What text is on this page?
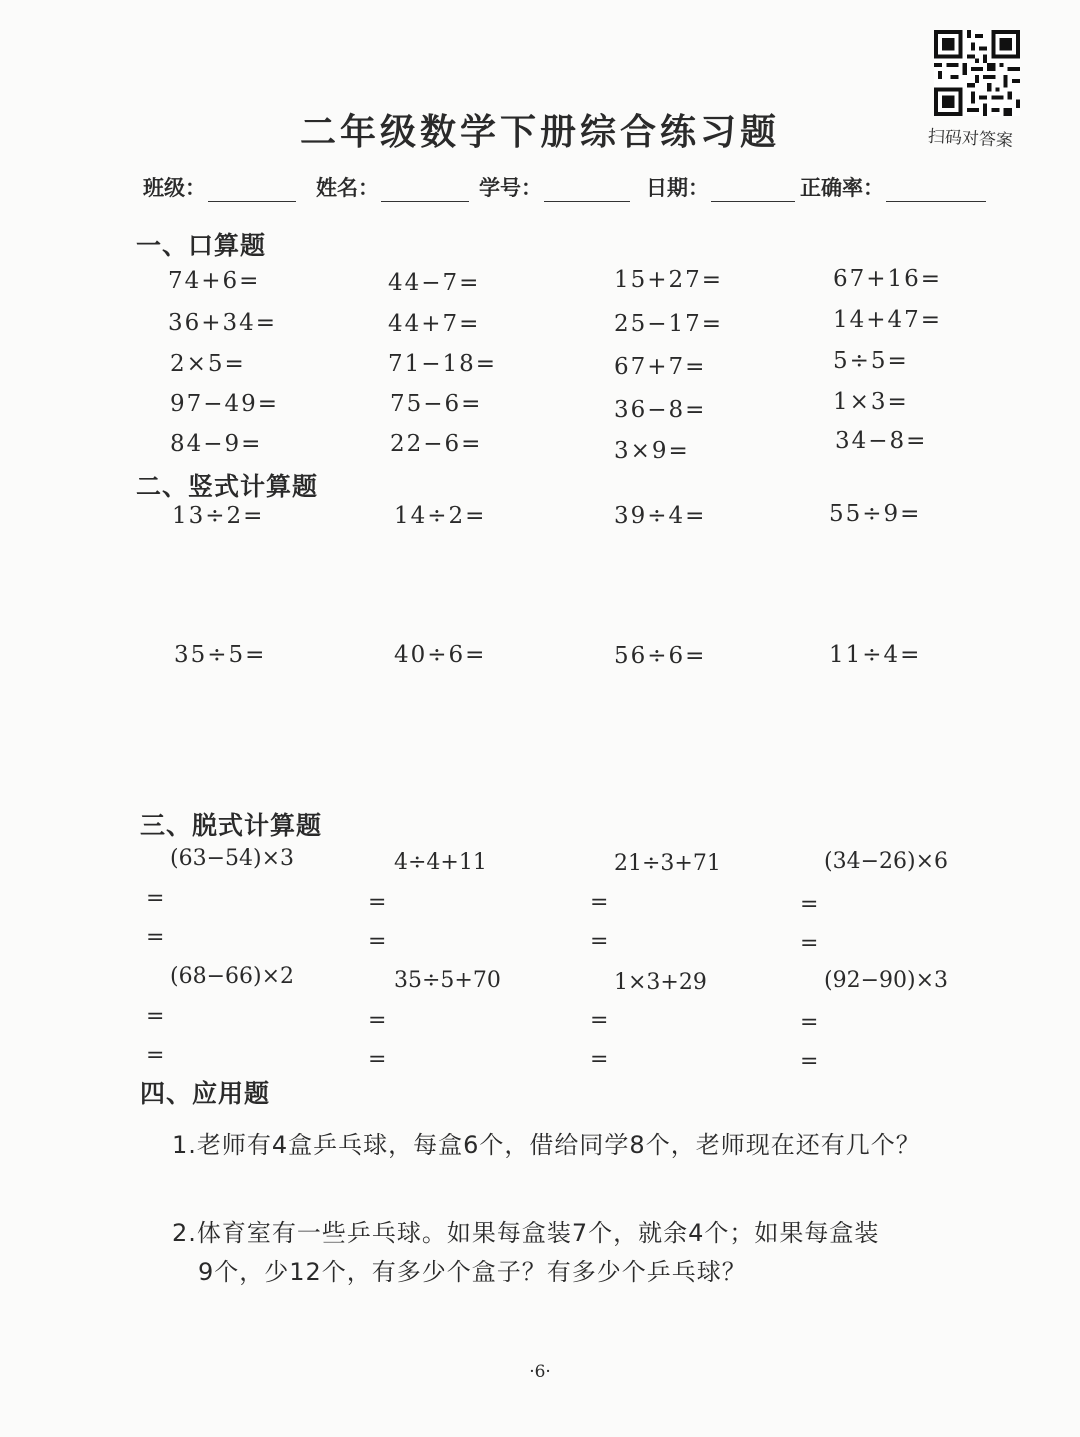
二年级数学下册综合练习题	扫码对答案
班级：	姓名：	学号：	日期：	正确率：
一、口算题
74+6=	44−7=	15+27=	67+16=
36+34=	44+7=	25−17=	14+47=
2×5=	71−18=	67+7=	5÷5=
97−49=	75−6=	36−8=	1×3=
84−9=	22−6=	3×9=	34−8=
二、竖式计算题
13÷2=	14÷2=	39÷4=	55÷9=
35÷5=	40÷6=	56÷6=	11÷4=
三、脱式计算题
(63−54)×3	4÷4+11	21÷3+71	(34−26)×6
=	=	=	=
=	=	=	=
(68−66)×2	35÷5+70	1×3+29	(92−90)×3
=	=	=	=
=	=	=	=
四、应用题
1.老师有4盒乒乓球，每盒6个，借给同学8个，老师现在还有几个？
2.体育室有一些乒乓球。如果每盒装7个，就余4个；如果每盒装
9个，少12个，有多少个盒子？有多少个乒乓球？
·6·
